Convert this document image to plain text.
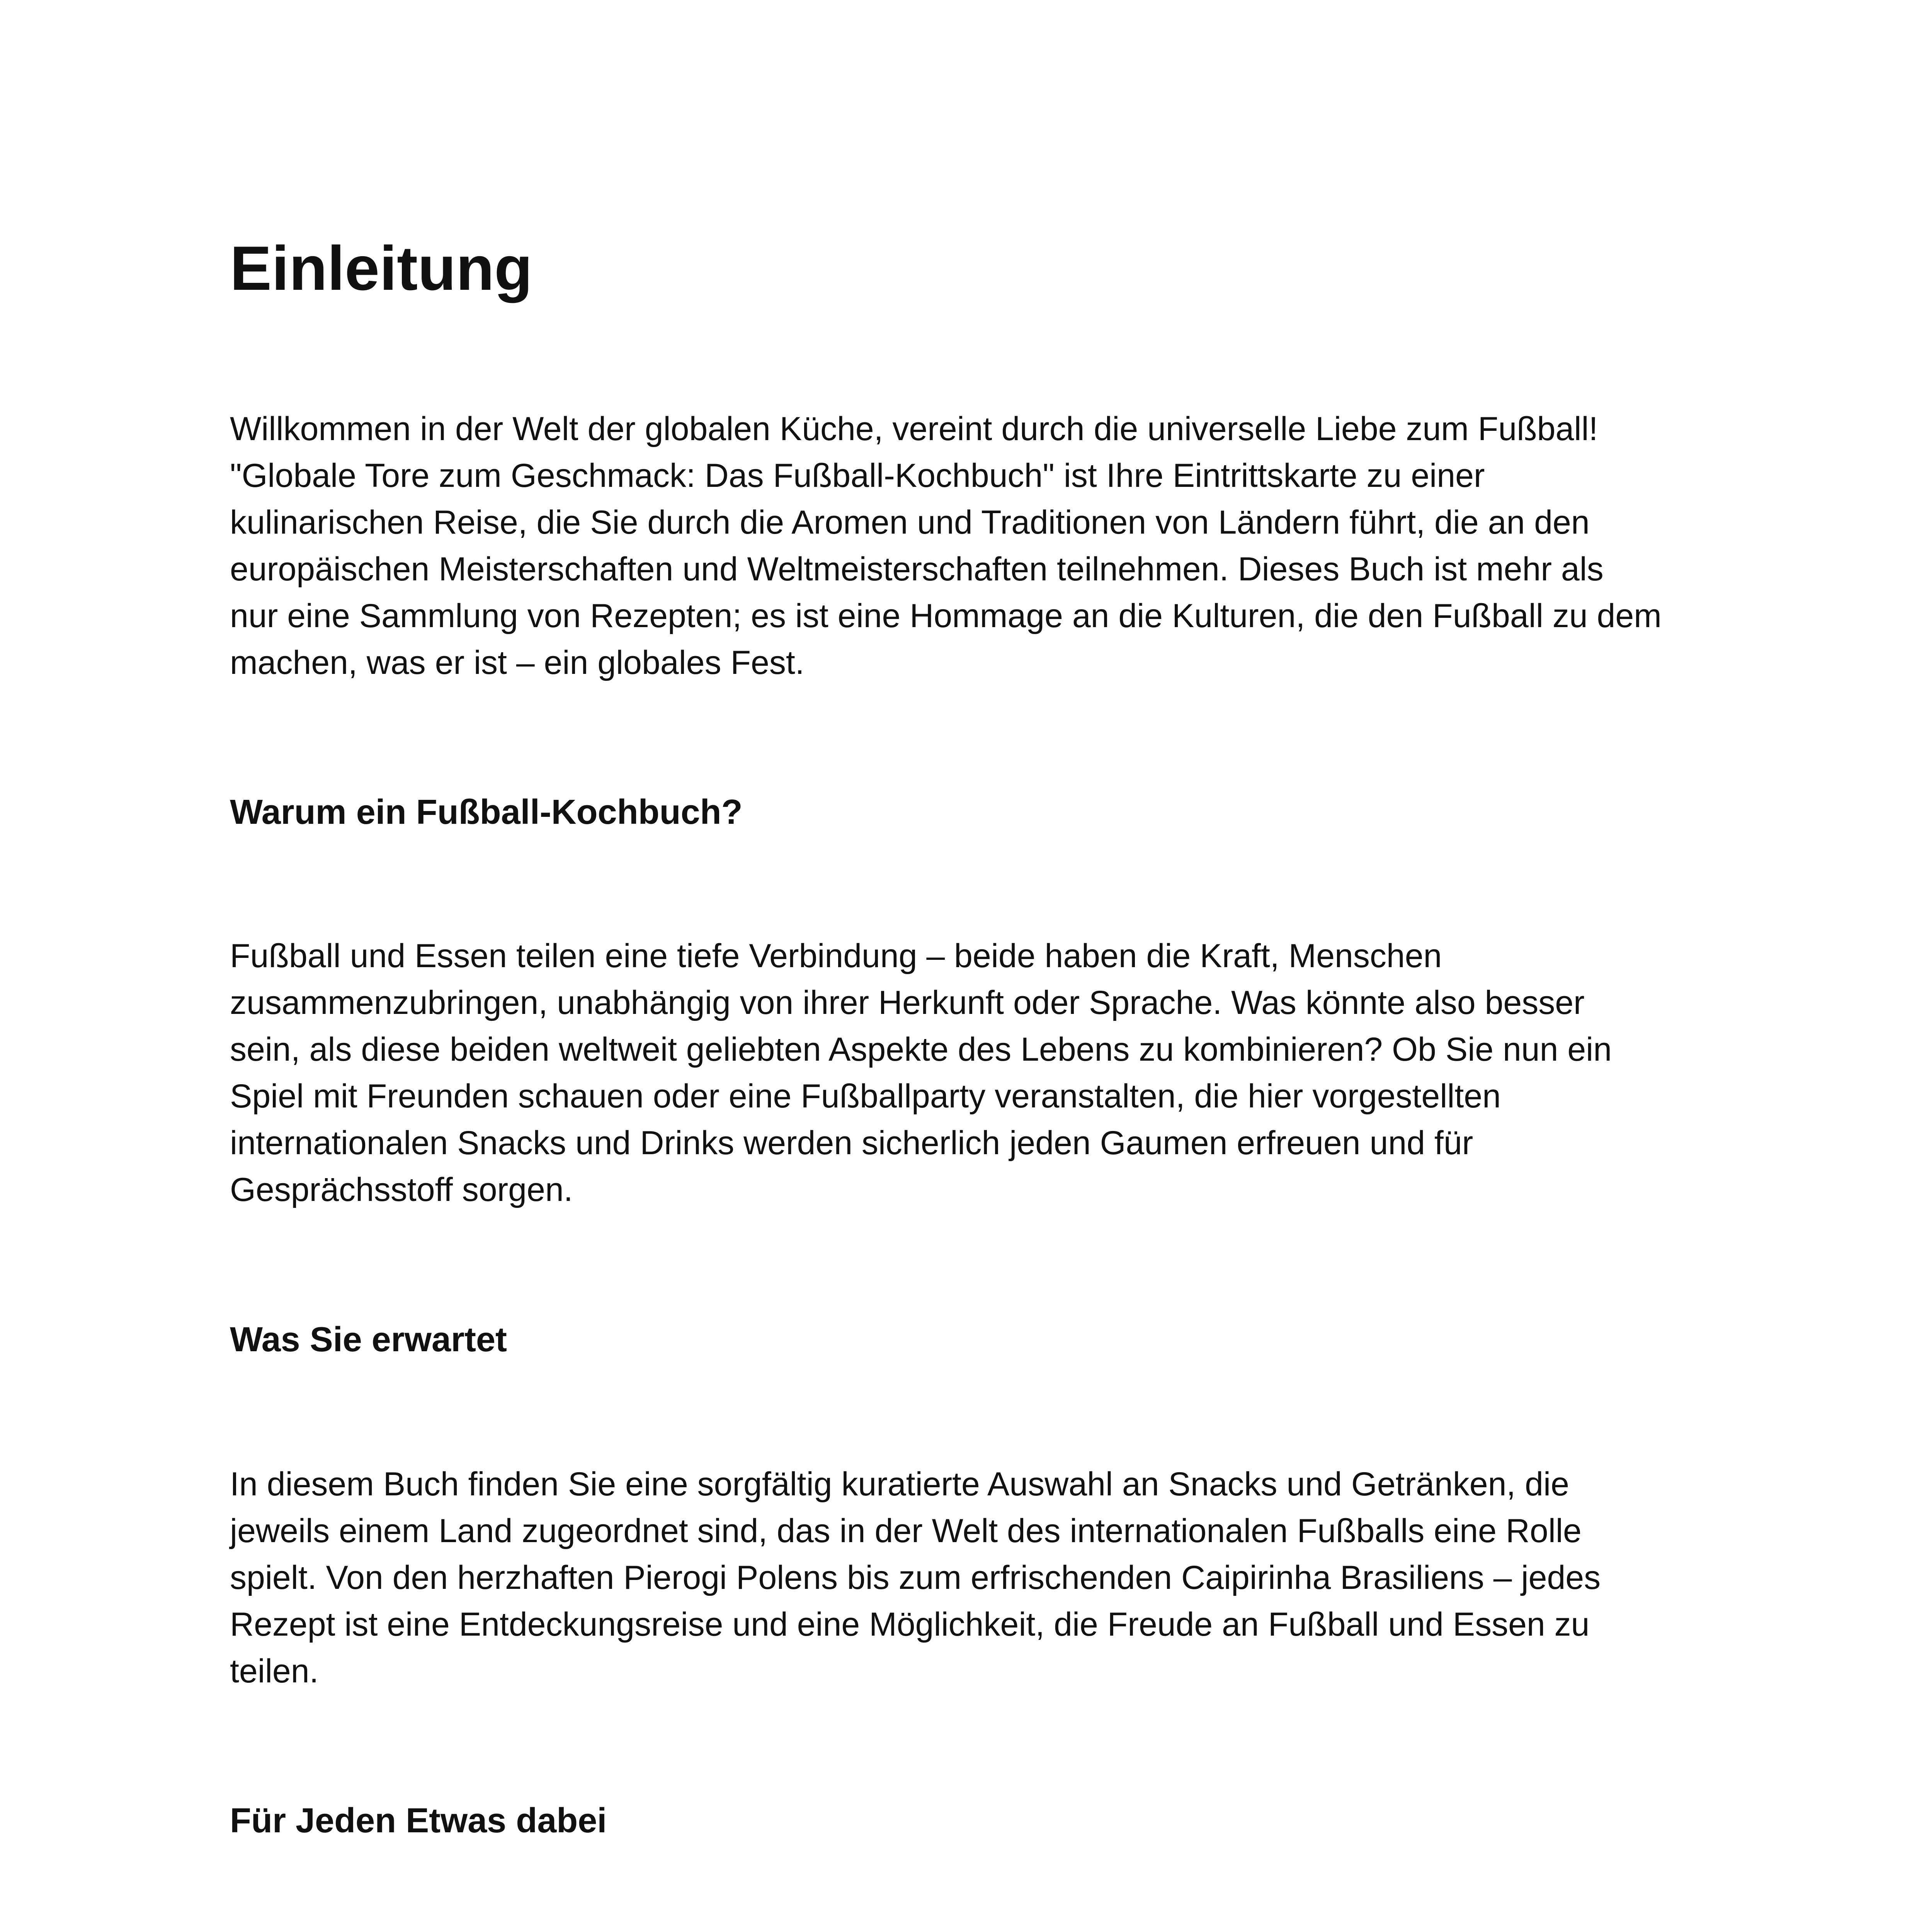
Einleitung

Willkommen in der Welt der globalen Küche, vereint durch die universelle Liebe zum Fußball!
"Globale Tore zum Geschmack: Das Fußball-Kochbuch" ist Ihre Eintrittskarte zu einer
kulinarischen Reise, die Sie durch die Aromen und Traditionen von Ländern führt, die an den
europäischen Meisterschaften und Weltmeisterschaften teilnehmen. Dieses Buch ist mehr als
nur eine Sammlung von Rezepten; es ist eine Hommage an die Kulturen, die den Fußball zu dem
machen, was er ist – ein globales Fest.

Warum ein Fußball-Kochbuch?

Fußball und Essen teilen eine tiefe Verbindung – beide haben die Kraft, Menschen
zusammenzubringen, unabhängig von ihrer Herkunft oder Sprache. Was könnte also besser
sein, als diese beiden weltweit geliebten Aspekte des Lebens zu kombinieren? Ob Sie nun ein
Spiel mit Freunden schauen oder eine Fußballparty veranstalten, die hier vorgestellten
internationalen Snacks und Drinks werden sicherlich jeden Gaumen erfreuen und für
Gesprächsstoff sorgen.

Was Sie erwartet

In diesem Buch finden Sie eine sorgfältig kuratierte Auswahl an Snacks und Getränken, die
jeweils einem Land zugeordnet sind, das in der Welt des internationalen Fußballs eine Rolle
spielt. Von den herzhaften Pierogi Polens bis zum erfrischenden Caipirinha Brasiliens – jedes
Rezept ist eine Entdeckungsreise und eine Möglichkeit, die Freude an Fußball und Essen zu
teilen.

Für Jeden Etwas dabei
